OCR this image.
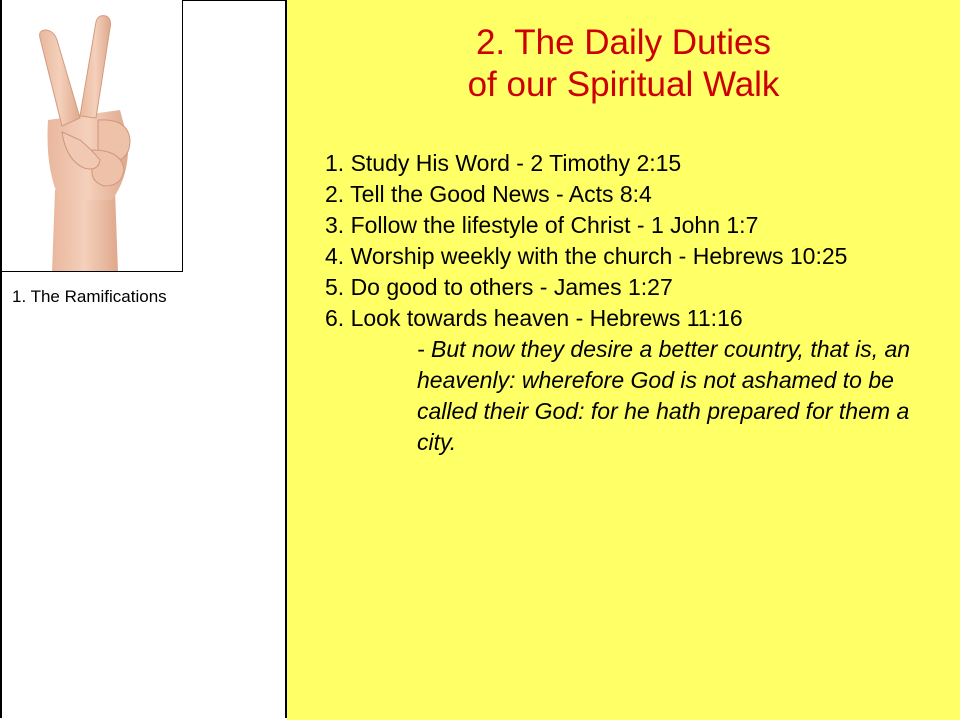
1. The Ramifications
2. The Daily Duties
of our Spiritual Walk
1. Study His Word - 2 Timothy 2:15
2. Tell the Good News - Acts 8:4
3. Follow the lifestyle of Christ - 1 John 1:7
4. Worship weekly with the church - Hebrews 10:25
5. Do good to others - James 1:27
6. Look towards heaven - Hebrews 11:16
- But now they desire a better country, that is, an heavenly: wherefore God is not ashamed to be called their God: for he hath prepared for them a city.
